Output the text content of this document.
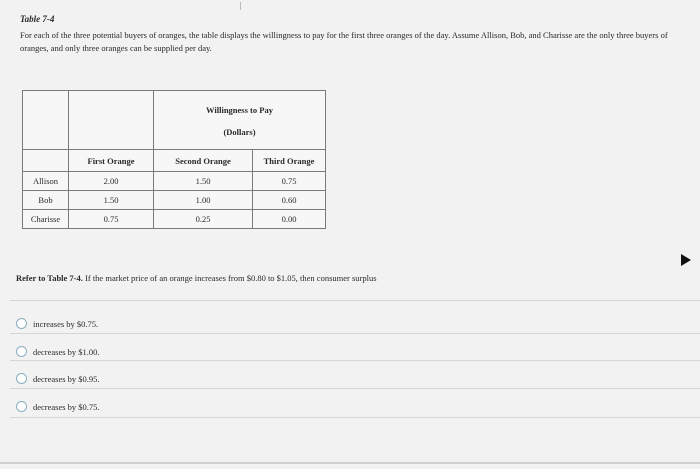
Table 7-4
For each of the three potential buyers of oranges, the table displays the willingness to pay for the first three oranges of the day. Assume Allison, Bob, and Charisse are the only three buyers of oranges, and only three oranges can be supplied per day.

		Willingness to Pay
(Dollars)	

	First Orange	Second Orange	Third Orange
Allison	2.00	1.50	0.75
Bob	1.50	1.00	0.60
Charisse	0.75	0.25	0.00
Refer to Table 7-4. If the market price of an orange increases from $0.80 to $1.05, then consumer surplus
increases by $0.75.
decreases by $1.00.
decreases by $0.95.
decreases by $0.75.
